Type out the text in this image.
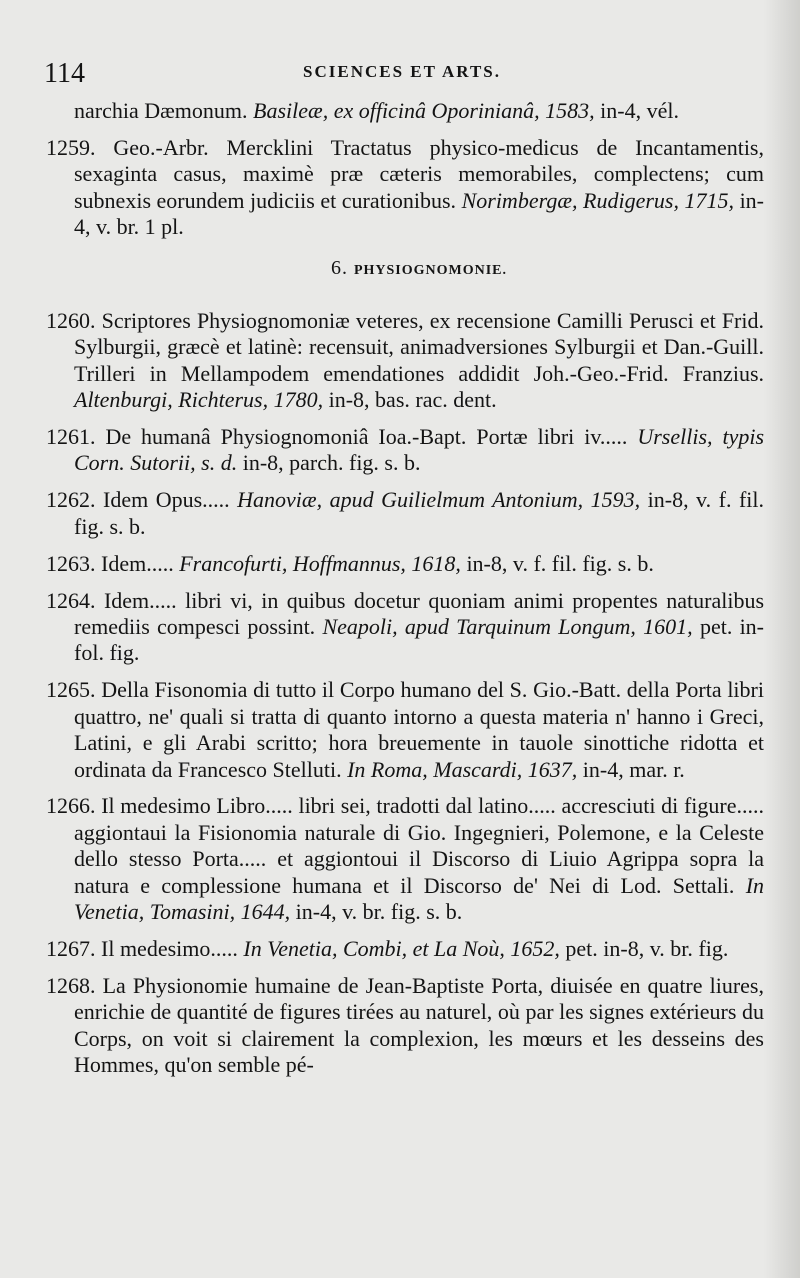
114	SCIENCES ET ARTS.

narchia Dæmonum. Basileæ, ex officinâ Oporinianâ, 1583, in-4, vél.

1259. Geo.-Arbr. Mercklini Tractatus physico-medicus de Incantamentis, sexaginta casus, maximè præ cæteris memorabiles, complectens; cum subnexis eorundem judiciis et curationibus. Norimbergæ, Rudigerus, 1715, in-4, v. br. 1 pl.

6. PHYSIOGNOMONIE.

1260. Scriptores Physiognomoniæ veteres, ex recensione Camilli Perusci et Frid. Sylburgii, græcè et latinè: recensuit, animadversiones Sylburgii et Dan.-Guill. Trilleri in Mellampodem emendationes addidit Joh.-Geo.-Frid. Franzius. Altenburgi, Richterus, 1780, in-8, bas. rac. dent.

1261. De humanâ Physiognomoniâ Ioa.-Bapt. Portæ libri iv..... Ursellis, typis Corn. Sutorii, s. d. in-8, parch. fig. s. b.

1262. Idem Opus..... Hanoviæ, apud Guilielmum Antonium, 1593, in-8, v. f. fil. fig. s. b.

1263. Idem..... Francofurti, Hoffmannus, 1618, in-8, v. f. fil. fig. s. b.

1264. Idem..... libri vi, in quibus docetur quoniam animi propentes naturalibus remediis compesci possint. Neapoli, apud Tarquinum Longum, 1601, pet. in-fol. fig.

1265. Della Fisonomia di tutto il Corpo humano del S. Gio.-Batt. della Porta libri quattro, ne' quali si tratta di quanto intorno a questa materia n' hanno i Greci, Latini, e gli Arabi scritto; hora breuemente in tauole sinottiche ridotta et ordinata da Francesco Stelluti. In Roma, Mascardi, 1637, in-4, mar. r.

1266. Il medesimo Libro..... libri sei, tradotti dal latino..... accresciuti di figure..... aggiontaui la Fisionomia naturale di Gio. Ingegnieri, Polemone, e la Celeste dello stesso Porta..... et aggiontoui il Discorso di Liuio Agrippa sopra la natura e complessione humana et il Discorso de' Nei di Lod. Settali. In Venetia, Tomasini, 1644, in-4, v. br. fig. s. b.

1267. Il medesimo..... In Venetia, Combi, et La Noù, 1652, pet. in-8, v. br. fig.

1268. La Physionomie humaine de Jean-Baptiste Porta, diuisée en quatre liures, enrichie de quantité de figures tirées au naturel, où par les signes extérieurs du Corps, on voit si clairement la complexion, les mœurs et les desseins des Hommes, qu'on semble pé-
